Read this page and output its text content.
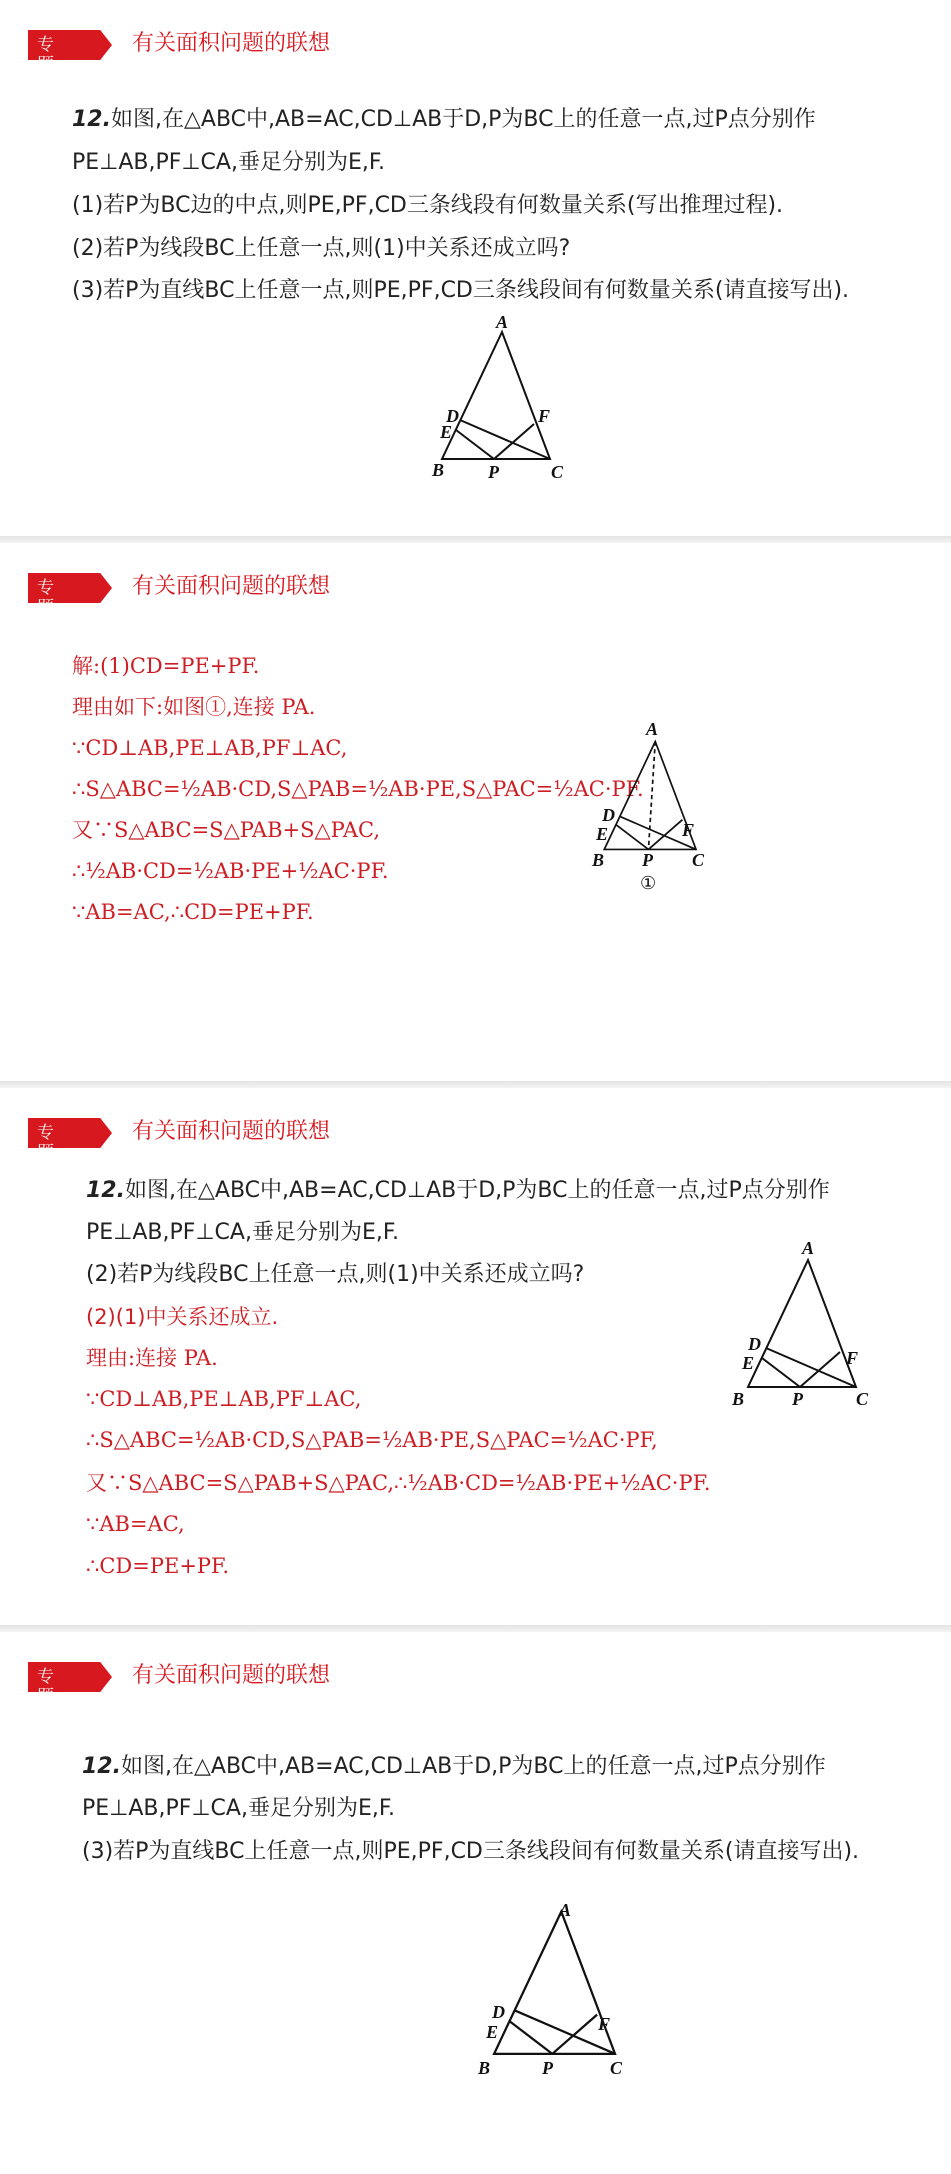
专题三
有关面积问题的联想
12.如图,在△ABC中,AB=AC,CD⊥AB于D,P为BC上的任意一点,过P点分别作
PE⊥AB,PF⊥CA,垂足分别为E,F.
(1)若P为BC边的中点,则PE,PF,CD三条线段有何数量关系(写出推理过程).
(2)若P为线段BC上任意一点,则(1)中关系还成立吗?
(3)若P为直线BC上任意一点,则PE,PF,CD三条线段间有何数量关系(请直接写出).
A
B	C
D
E
F
P
专题三
有关面积问题的联想
解:(1)CD=PE+PF.
理由如下:如图①,连接 PA.
∵CD⊥AB,PE⊥AB,PF⊥AC,
∴S△ABC=½AB·CD,S△PAB=½AB·PE,S△PAC=½AC·PF.
又∵S△ABC=S△PAB+S△PAC,
∴½AB·CD=½AB·PE+½AC·PF.
∵AB=AC,∴CD=PE+PF.
A
B	C
D
E	F
P
①
专题三
有关面积问题的联想
12.如图,在△ABC中,AB=AC,CD⊥AB于D,P为BC上的任意一点,过P点分别作
PE⊥AB,PF⊥CA,垂足分别为E,F.
(2)若P为线段BC上任意一点,则(1)中关系还成立吗?
(2)(1)中关系还成立.
理由:连接 PA.
∵CD⊥AB,PE⊥AB,PF⊥AC,
∴S△ABC=½AB·CD,S△PAB=½AB·PE,S△PAC=½AC·PF,
又∵S△ABC=S△PAB+S△PAC,∴½AB·CD=½AB·PE+½AC·PF.
∵AB=AC,
∴CD=PE+PF.
A
B	C
D
E	F
P
专题三
有关面积问题的联想
12.如图,在△ABC中,AB=AC,CD⊥AB于D,P为BC上的任意一点,过P点分别作
PE⊥AB,PF⊥CA,垂足分别为E,F.
(3)若P为直线BC上任意一点,则PE,PF,CD三条线段间有何数量关系(请直接写出).
A
B	C
D
E	F
P
